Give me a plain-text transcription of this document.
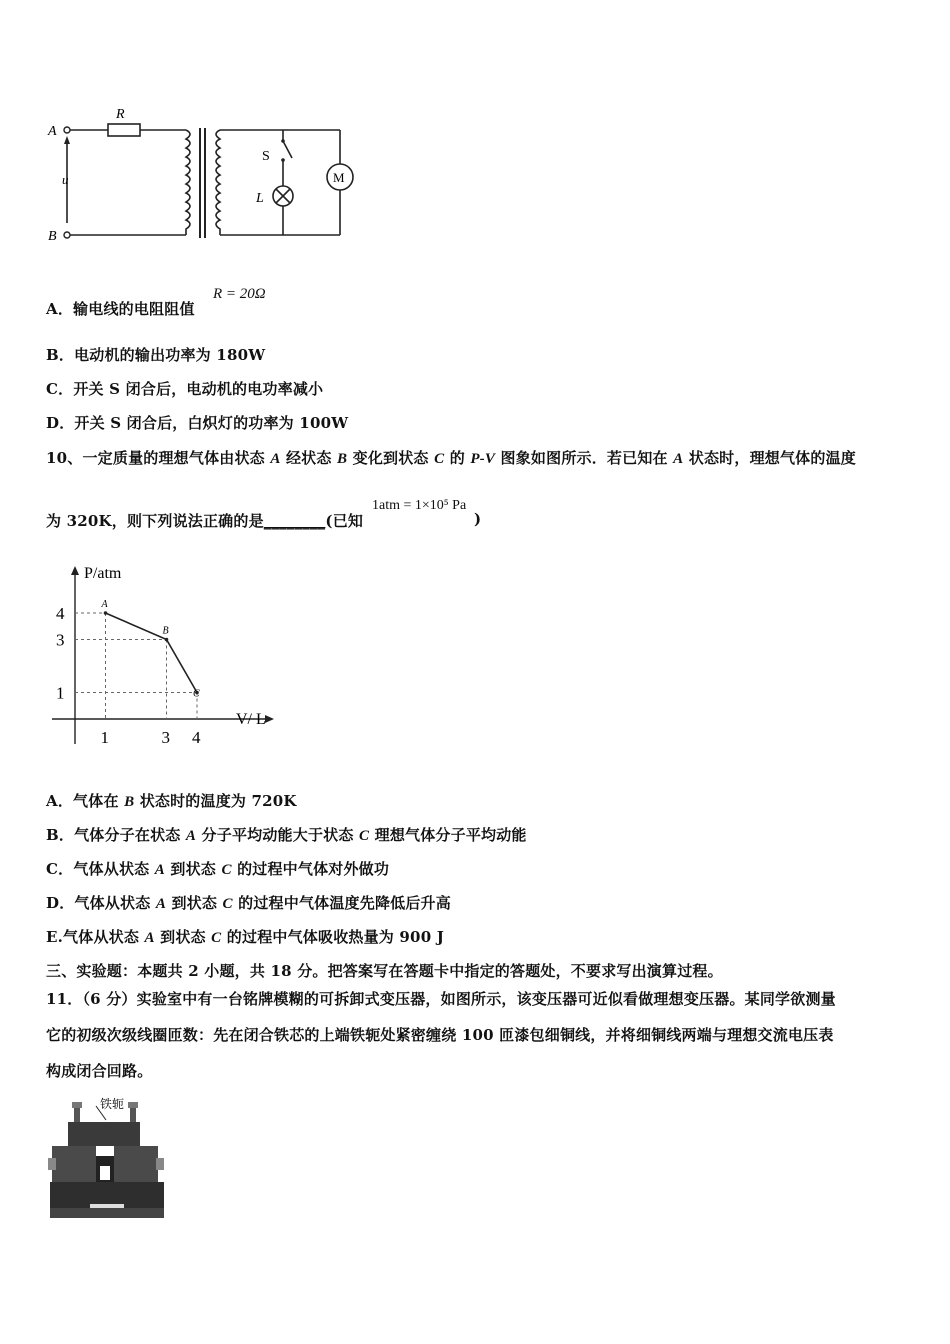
R
A
B
u
S
L
M
A．输电线的电阻阻值
R = 20Ω
B．电动机的输出功率为 180W
C．开关 S 闭合后，电动机的电功率减小
D．开关 S 闭合后，白炽灯的功率为 100W
10、一定质量的理想气体由状态 A 经状态 B 变化到状态 C 的 P-V 图象如图所示．若已知在 A 状态时，理想气体的温度
为 320K，则下列说法正确的是________(已知
1atm = 1×10⁵ Pa
)
P/atm
V/ L
A
B
C
4
3
1
1	3 4
A．气体在 B 状态时的温度为 720K
B．气体分子在状态 A 分子平均动能大于状态 C 理想气体分子平均动能
C．气体从状态 A 到状态 C 的过程中气体对外做功
D．气体从状态 A 到状态 C 的过程中气体温度先降低后升高
E.气体从状态 A 到状态 C 的过程中气体吸收热量为 900 J
三、实验题：本题共 2 小题，共 18 分。把答案写在答题卡中指定的答题处，不要求写出演算过程。
11．（6 分）实验室中有一台铭牌模糊的可拆卸式变压器，如图所示，该变压器可近似看做理想变压器。某同学欲测量
它的初级次级线圈匝数：先在闭合铁芯的上端铁轭处紧密缠绕 100 匝漆包细铜线，并将细铜线两端与理想交流电压表
构成闭合回路。
铁轭
